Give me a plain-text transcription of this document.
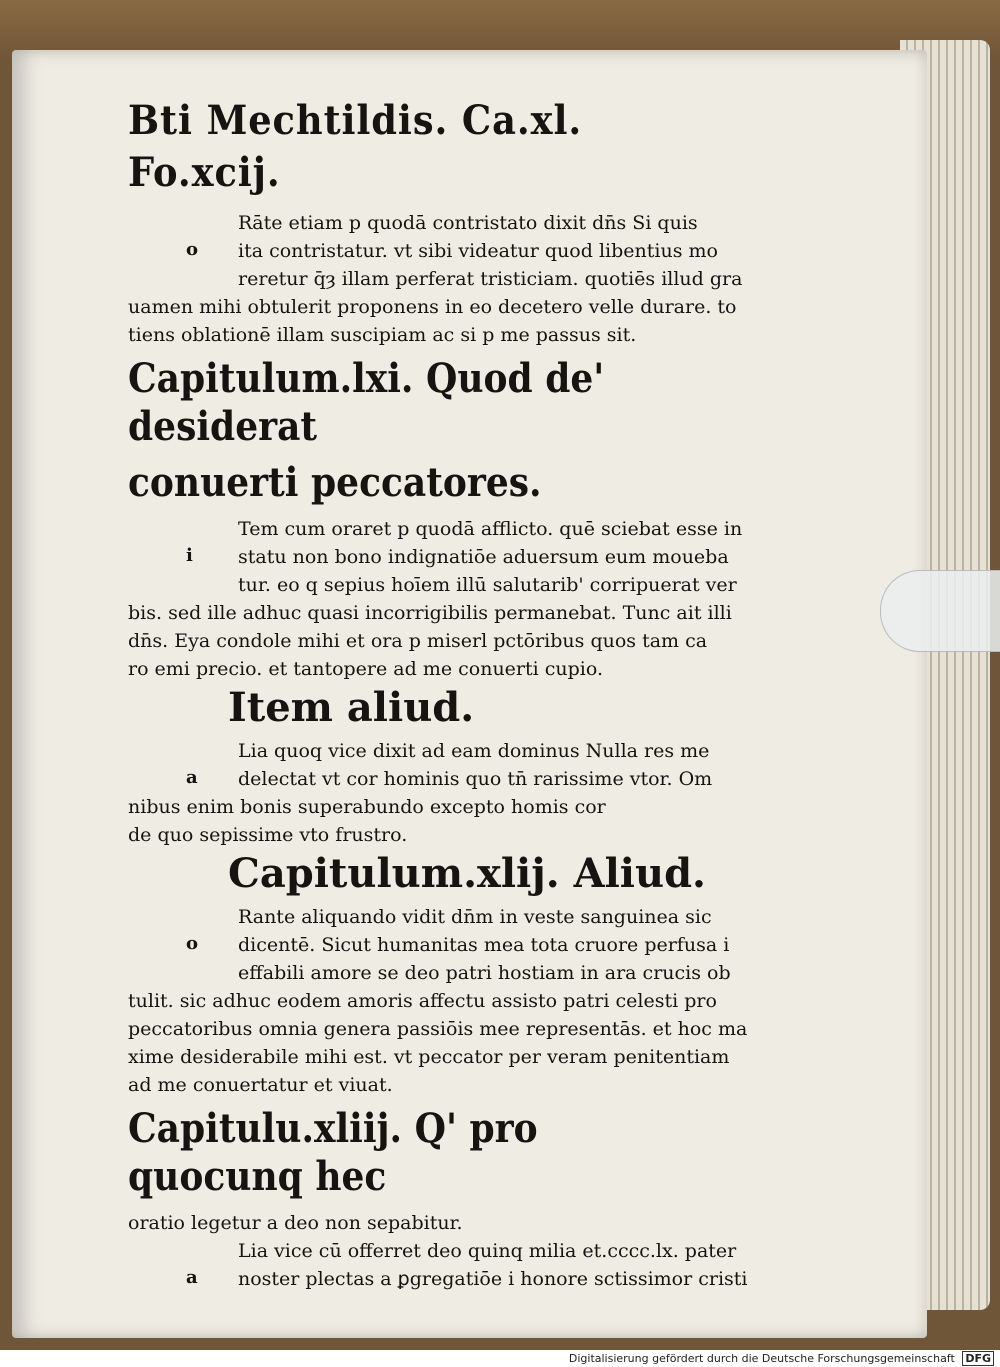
Bti Mechtildis. Ca.xl. Fo.xcij.
o
Rāte etiam p quodā contristato dixit dn̄s Si quis
ita contristatur. vt sibi videatur quod libentius mo
reretur q̄ȝ illam perferat tristiciam. quotiēs illud gra
uamen mihi obtulerit proponens in eo decetero velle durare. to
tiens oblationē illam suscipiam ac si p me passus sit.
Capitulum.lxi. Quod de' desiderat
conuerti peccatores.
i
Tem cum oraret p quodā afflicto. quē sciebat esse in
statu non bono indignatiōe aduersum eum moueba
tur. eo q sepius hoīem illū salutarib' corripuerat ver
bis. sed ille adhuc quasi incorrigibilis permanebat. Tunc ait illi
dn̄s. Eya condole mihi et ora p miserl pctōribus quos tam ca
ro emi precio. et tantopere ad me conuerti cupio.
Item aliud.
a
Lia quoq vice dixit ad eam dominus Nulla res me
delectat vt cor hominis quo tn̄ rarissime vtor. Om
nibus enim bonis superabundo excepto homis cor
de quo sepissime vto frustro.
Capitulum.xlij. Aliud.
o
Rante aliquando vidit dn̄m in veste sanguinea sic
dicentē. Sicut humanitas mea tota cruore perfusa i
effabili amore se deo patri hostiam in ara crucis ob
tulit. sic adhuc eodem amoris affectu assisto patri celesti pro
peccatoribus omnia genera passiōis mee representās. et hoc ma
xime desiderabile mihi est. vt peccator per veram penitentiam
ad me conuertatur et viuat.
Capitulu.xliij. Q' pro quocunq hec
oratio legetur a deo non sepabitur.
a
Lia vice cū offerret deo quinq milia et.cccc.lx. pater
noster plectas a ꝑgregatiōe i honore sctissimor cristi
Digitalisierung gefördert durch die Deutsche Forschungsgemeinschaft DFG
